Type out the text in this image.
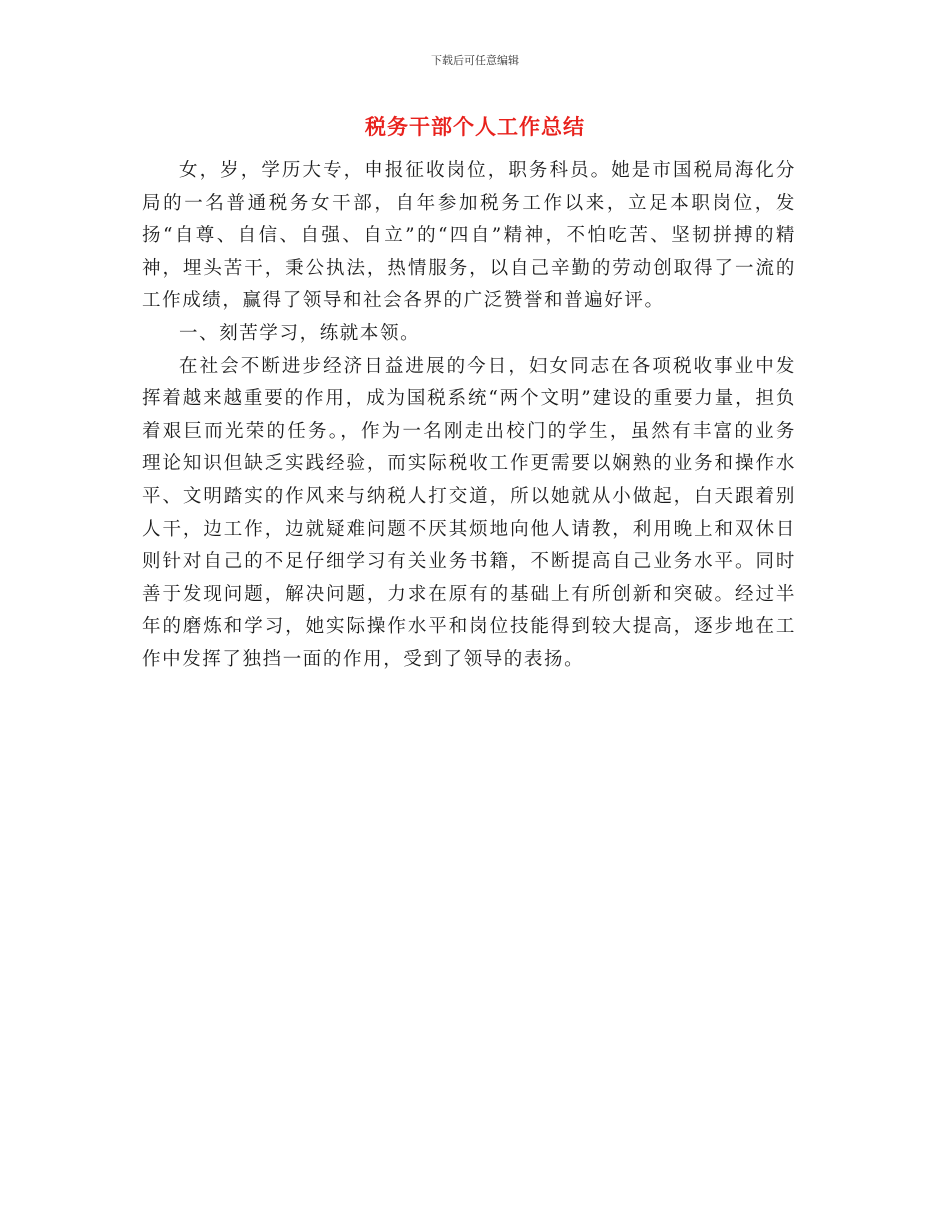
下载后可任意编辑
税务干部个人工作总结

女，岁，学历大专，申报征收岗位，职务科员。她是市国税局海化分局的一名普通税务女干部，自年参加税务工作以来，立足本职岗位，发扬“自尊、自信、自强、自立”的“四自”精神，不怕吃苦、坚韧拼搏的精神，埋头苦干，秉公执法，热情服务，以自己辛勤的劳动创取得了一流的工作成绩，赢得了领导和社会各界的广泛赞誉和普遍好评。

一、刻苦学习，练就本领。

在社会不断进步经济日益进展的今日，妇女同志在各项税收事业中发挥着越来越重要的作用，成为国税系统“两个文明”建设的重要力量，担负着艰巨而光荣的任务。，作为一名刚走出校门的学生，虽然有丰富的业务理论知识但缺乏实践经验，而实际税收工作更需要以娴熟的业务和操作水平、文明踏实的作风来与纳税人打交道，所以她就从小做起，白天跟着别人干，边工作，边就疑难问题不厌其烦地向他人请教，利用晚上和双休日则针对自己的不足仔细学习有关业务书籍，不断提高自己业务水平。同时善于发现问题，解决问题，力求在原有的基础上有所创新和突破。经过半年的磨炼和学习，她实际操作水平和岗位技能得到较大提高，逐步地在工作中发挥了独挡一面的作用，受到了领导的表扬。
